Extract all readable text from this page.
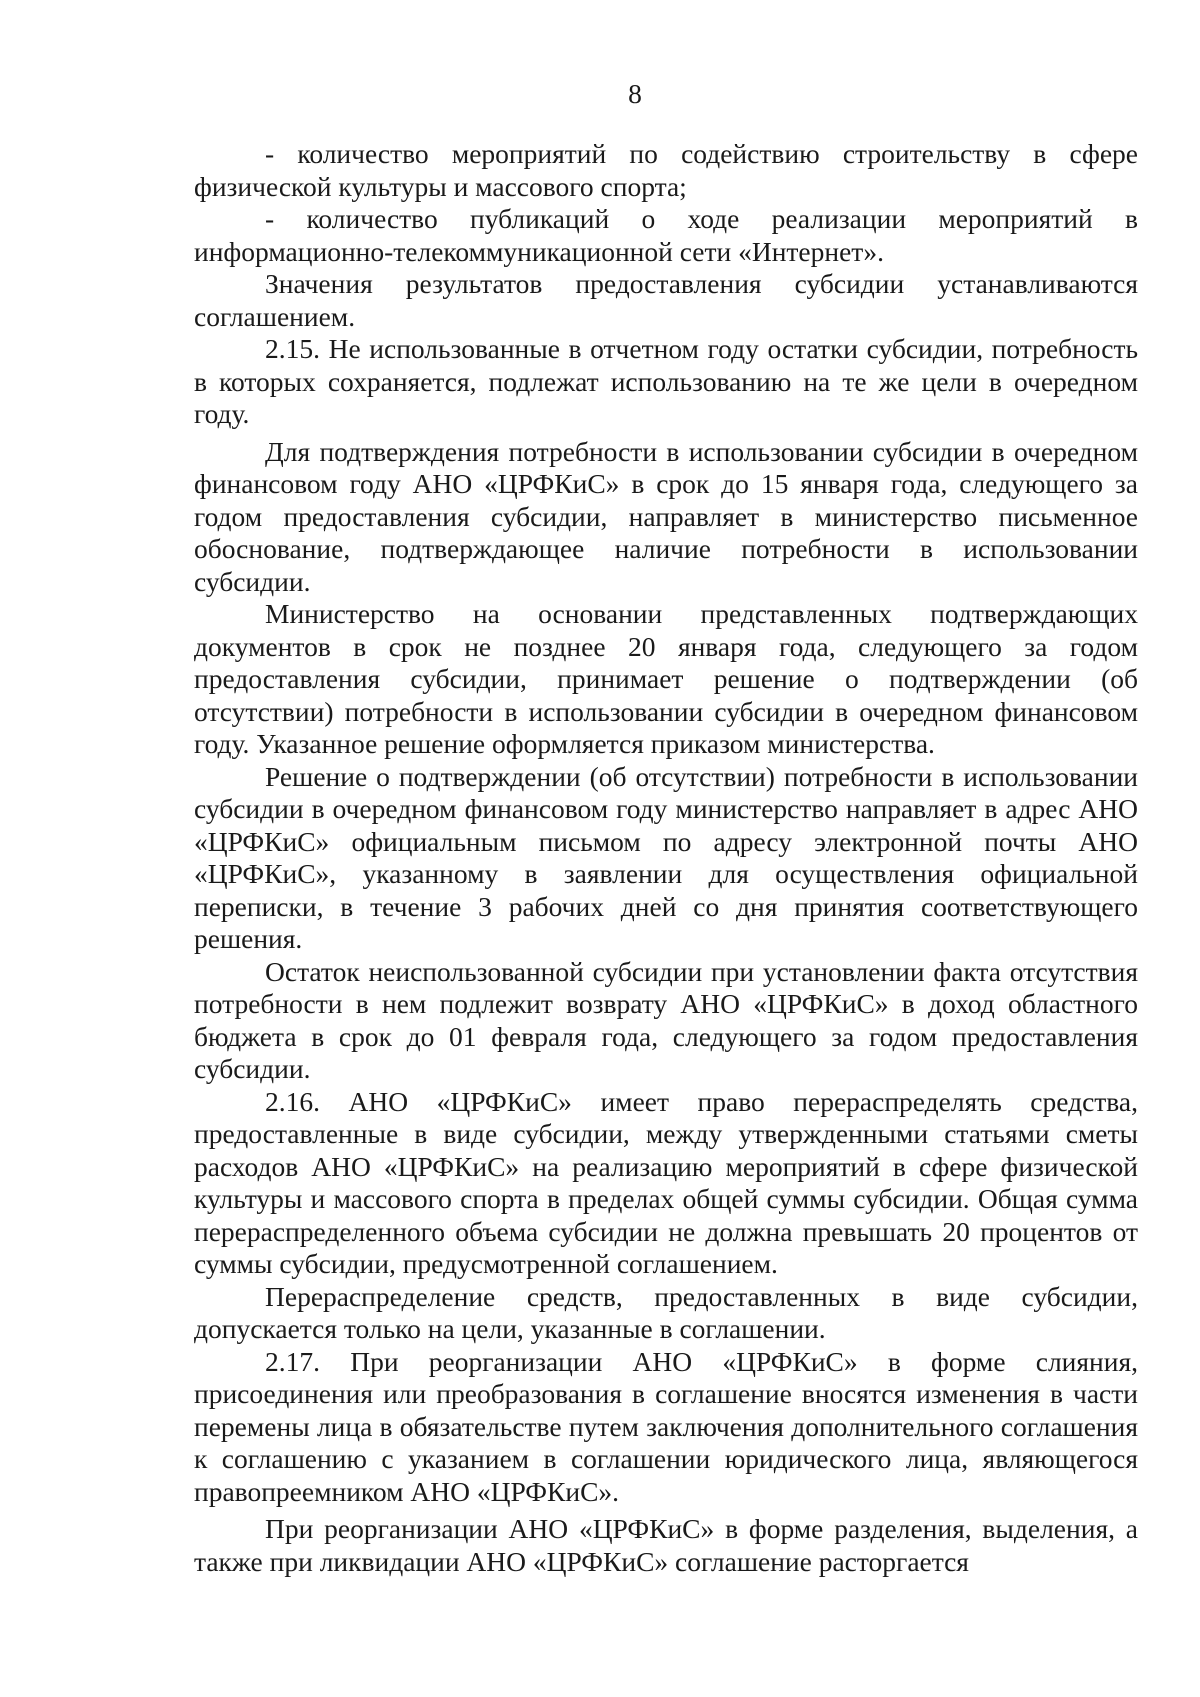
8

- количество мероприятий по содействию строительству в сфере физической культуры и массового спорта;

- количество публикаций о ходе реализации мероприятий в информационно-телекоммуникационной сети «Интернет».

Значения результатов предоставления субсидии устанавливаются соглашением.

2.15. Не использованные в отчетном году остатки субсидии, потребность в которых сохраняется, подлежат использованию на те же цели в очередном году.

Для подтверждения потребности в использовании субсидии в очередном финансовом году АНО «ЦРФКиС» в срок до 15 января года, следующего за годом предоставления субсидии, направляет в министерство письменное обоснование, подтверждающее наличие потребности в использовании субсидии.

Министерство на основании представленных подтверждающих документов в срок не позднее 20 января года, следующего за годом предоставления субсидии, принимает решение о подтверждении (об отсутствии) потребности в использовании субсидии в очередном финансовом году. Указанное решение оформляется приказом министерства.

Решение о подтверждении (об отсутствии) потребности в использовании субсидии в очередном финансовом году министерство направляет в адрес АНО «ЦРФКиС» официальным письмом по адресу электронной почты АНО «ЦРФКиС», указанному в заявлении для осуществления официальной переписки, в течение 3 рабочих дней со дня принятия соответствующего решения.

Остаток неиспользованной субсидии при установлении факта отсутствия потребности в нем подлежит возврату АНО «ЦРФКиС» в доход областного бюджета в срок до 01 февраля года, следующего за годом предоставления субсидии.

2.16. АНО «ЦРФКиС» имеет право перераспределять средства, предоставленные в виде субсидии, между утвержденными статьями сметы расходов АНО «ЦРФКиС» на реализацию мероприятий в сфере физической культуры и массового спорта в пределах общей суммы субсидии. Общая сумма перераспределенного объема субсидии не должна превышать 20 процентов от суммы субсидии, предусмотренной соглашением.

Перераспределение средств, предоставленных в виде субсидии, допускается только на цели, указанные в соглашении.

2.17. При реорганизации АНО «ЦРФКиС» в форме слияния, присоединения или преобразования в соглашение вносятся изменения в части перемены лица в обязательстве путем заключения дополнительного соглашения к соглашению с указанием в соглашении юридического лица, являющегося правопреемником АНО «ЦРФКиС».

При реорганизации АНО «ЦРФКиС» в форме разделения, выделения, а также при ликвидации АНО «ЦРФКиС» соглашение расторгается
